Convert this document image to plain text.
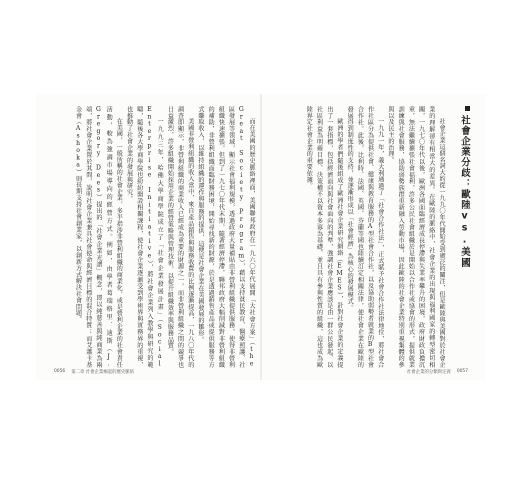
而在美國的歷史脈絡裡面，美國聯邦政府在一九六〇年代展開「大社會方案」（the Great Society Program），藉以支持貧民教育、醫療照護、社區發展等領域，顯示社會福利規模，透過政府大量補貼由非營利組織提供服務，使得非營利組織快速擴張，但到了一九七〇年代末期，隨著經濟停滯，聯邦政府大幅削減對非營利組織的補助，非營利組織面臨財務困境，開始尋找新的財源，於是透過銷售產品或提供服務等方式賺取收入，以維持組織的運作與服務的提供，這便是社會企業在美國發展的雛形。

美國非營利組織的收入當中，來自產品銷售與服務收費的比例逐漸提高，一九八〇年代的調查即顯示，非營利組織的商業收入已經成為重要的財源之一，而非營利組織之間的競爭也日益激烈，許多組織開始採用企業的經營策略與管理技術，以提升組織效率與服務品質。

一九九三年，哈佛大學商學院成立了「社會企業發展計畫」（Social Enterprise Initiative），將社會企業列入教學與研究的範疇，隨後各大學商學院也紛紛開設相關課程，使社會企業逐漸受到學術界與實務界的重視，也推動了社會企業的發展與研究。

在美國，一般所稱的社會企業，多半指涉非營利組織的商業化，或是營利企業的社會責任活動，較為強調市場導向的經營方式。例如，由學者葛瑞格里．迪斯（J. Gregory Dees）提出的「社會企業光譜」概念，即以純慈善與純商業為兩端，將社會企業置於其間，說明社會企業兼具社會使命與經濟目標的混合特質；而艾蕭卡基金會（Ashoka）則長期支持社會創業家，以創新方式解決社會問題。

0056 第二章 社會企業崛起的歷史脈絡
社會企業分歧：歐陸vs.美國

社會企業這個名詞大約從一九九〇年代開始受到廣泛的關注，但是歐陸與美國對於社會企業的理解卻有相當大的差異。在歐陸的脈絡中，社會企業的出現與福利國家的轉型密切相關，一九七〇年代以後，歐洲各國面臨經濟成長停滯與失業率攀升的困境，政府財政負擔沉重，無法繼續擴張社會福利，許多公民社會組織於是開始以合作社或協會的形式，提供就業訓練與社會服務，協助弱勢族群重新融入勞動市場，因此歐陸的社會企業特別重視集體的參與以及民主的治理。

一九九一年，義大利通過了「社會合作社法」，正式賦予社會合作社法律地位，將社會合作社區分為提供社會、健康與教育服務的A型社會合作社，以及協助弱勢者就業的B型社會合作社。此後，比利時、法國、英國、芬蘭等國也陸續訂定相關法律，使社會企業在歐陸的發展得到制度性的支持，並逐漸形成以「社會經濟」為核心的發展模式。

歐洲的學者們隨後組成了歐洲社會企業研究網絡（EMES），針對社會企業的定義提出了一套指標，包括經濟面向與社會面向的判準，強調社會企業應該是由一群公民發起、以社區利益為明確目標、決策權不以資本多寡為基礎、並且具有參與性質的組織，這也成為歐陸界定社會企業的重要依據。

社會企業的分類與定義 0057
